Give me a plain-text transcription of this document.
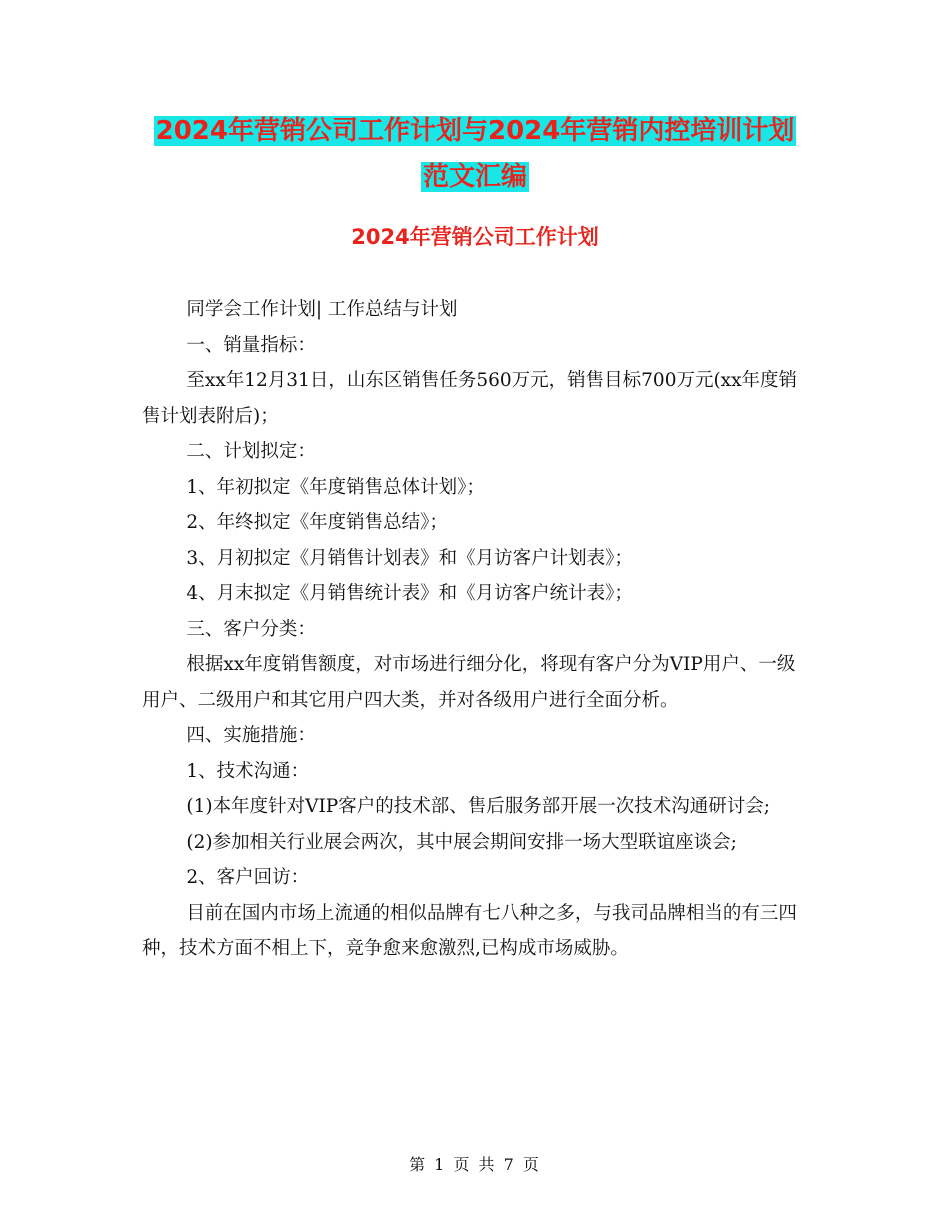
2024年营销公司工作计划与2024年营销内控培训计划
范文汇编
2024年营销公司工作计划

同学会工作计划| 工作总结与计划

一、销量指标：

至xx年12月31日，山东区销售任务560万元，销售目标700万元(xx年度销售计划表附后)；

二、计划拟定：

1、年初拟定《年度销售总体计划》；

2、年终拟定《年度销售总结》；

3、月初拟定《月销售计划表》和《月访客户计划表》；

4、月末拟定《月销售统计表》和《月访客户统计表》；

三、客户分类：

根据xx年度销售额度，对市场进行细分化，将现有客户分为VIP用户、一级用户、二级用户和其它用户四大类，并对各级用户进行全面分析。

四、实施措施：

1、技术沟通：

(1)本年度针对VIP客户的技术部、售后服务部开展一次技术沟通研讨会;

(2)参加相关行业展会两次，其中展会期间安排一场大型联谊座谈会;

2、客户回访：

目前在国内市场上流通的相似品牌有七八种之多，与我司品牌相当的有三四种，技术方面不相上下，竞争愈来愈激烈,已构成市场威胁。

第 1 页 共 7 页
